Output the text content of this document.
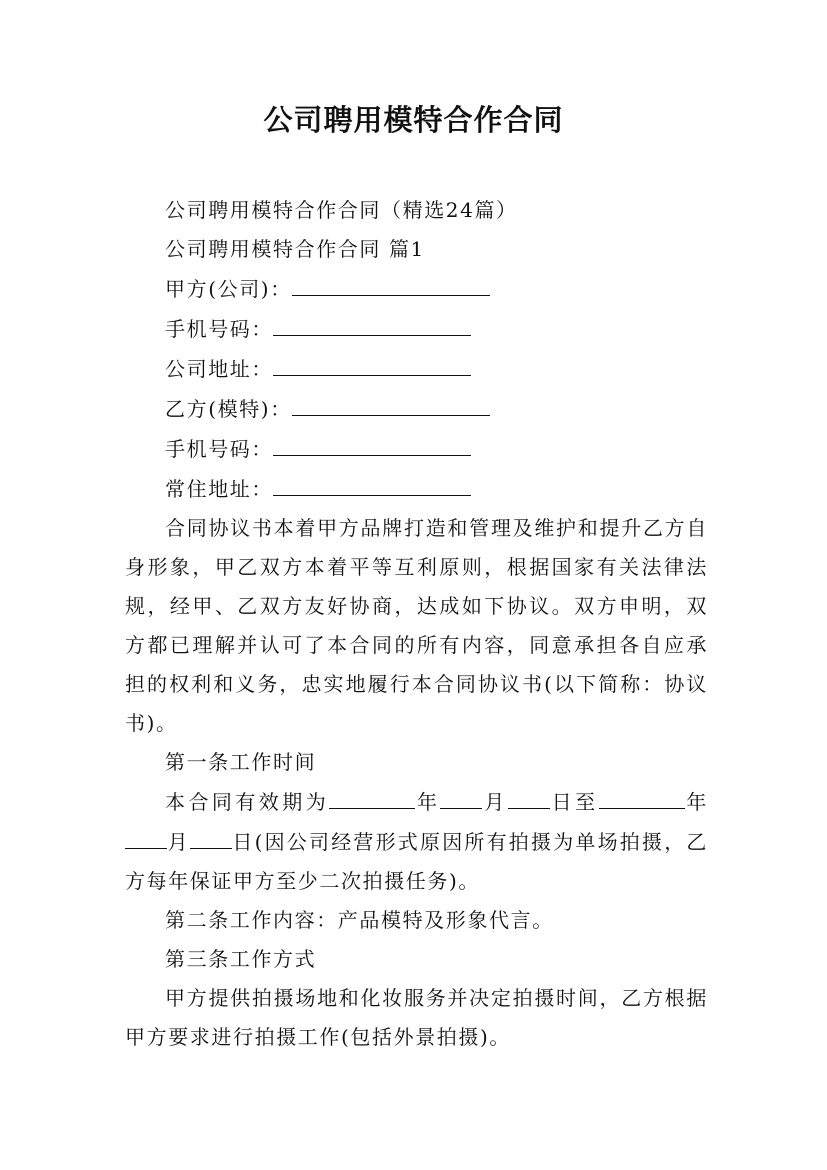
公司聘用模特合作合同

公司聘用模特合作合同（精选24篇）

公司聘用模特合作合同 篇1

甲方(公司)：

手机号码：

公司地址：

乙方(模特)：

手机号码：

常住地址：

合同协议书本着甲方品牌打造和管理及维护和提升乙方自身形象，甲乙双方本着平等互利原则，根据国家有关法律法规，经甲、乙双方友好协商，达成如下协议。双方申明，双方都已理解并认可了本合同的所有内容，同意承担各自应承担的权利和义务，忠实地履行本合同协议书(以下简称：协议书)。

第一条工作时间

本合同有效期为	年 月 日至	年月 日(因公司经营形式原因所有拍摄为单场拍摄，乙方每年保证甲方至少二次拍摄任务)。

第二条工作内容：产品模特及形象代言。

第三条工作方式

甲方提供拍摄场地和化妆服务并决定拍摄时间，乙方根据甲方要求进行拍摄工作(包括外景拍摄)。
